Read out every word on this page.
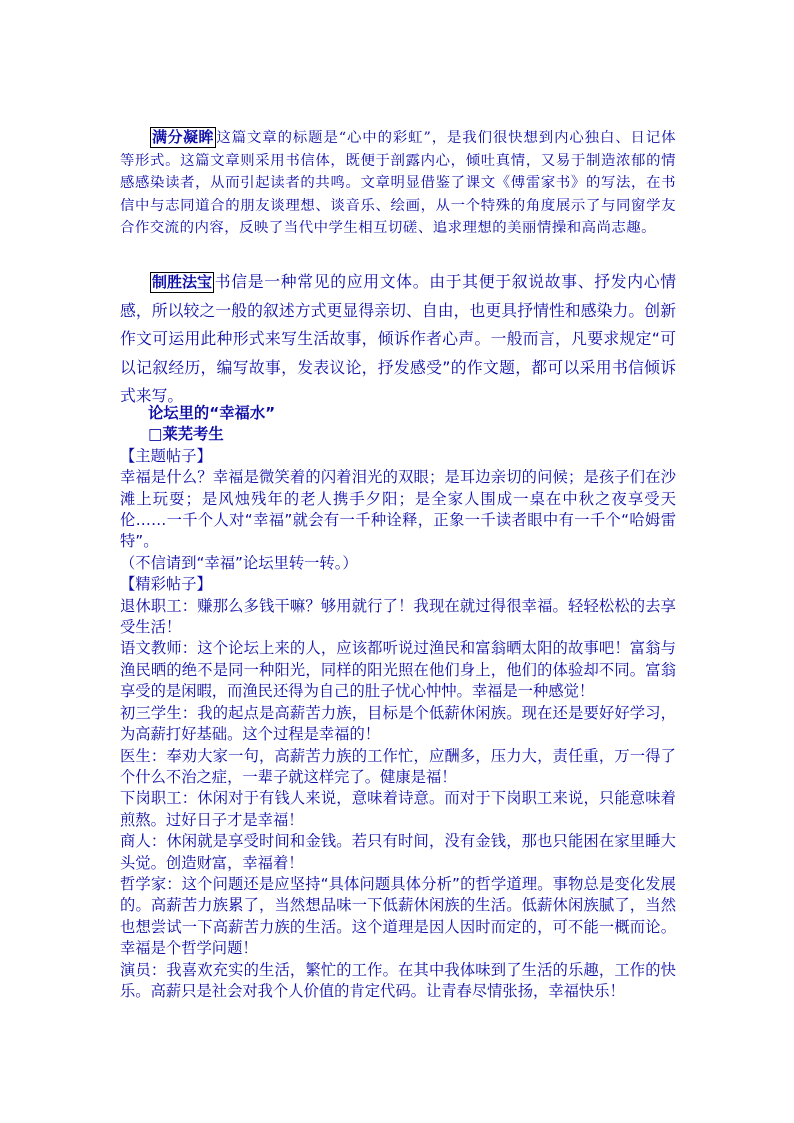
满分凝眸 这篇文章的标题是“心中的彩虹”，是我们很快想到内心独白、日记体等形式。这篇文章则采用书信体，既便于剖露内心，倾吐真情，又易于制造浓郁的情感感染读者，从而引起读者的共鸣。文章明显借鉴了课文《傅雷家书》的写法，在书信中与志同道合的朋友谈理想、谈音乐、绘画，从一个特殊的角度展示了与同窗学友合作交流的内容，反映了当代中学生相互切磋、追求理想的美丽情操和高尚志趣。
制胜法宝 书信是一种常见的应用文体。由于其便于叙说故事、抒发内心情感，所以较之一般的叙述方式更显得亲切、自由，也更具抒情性和感染力。创新作文可运用此种形式来写生活故事，倾诉作者心声。一般而言，凡要求规定“可以记叙经历，编写故事，发表议论，抒发感受”的作文题，都可以采用书信倾诉式来写。
论坛里的“幸福水”
□莱芜考生
【主题帖子】
幸福是什么？幸福是微笑着的闪着泪光的双眼；是耳边亲切的问候；是孩子们在沙滩上玩耍；是风烛残年的老人携手夕阳；是全家人围成一桌在中秋之夜享受天伦……一千个人对“幸福”就会有一千种诠释，正象一千读者眼中有一千个“哈姆雷特”。
（不信请到“幸福”论坛里转一转。）
【精彩帖子】
退休职工：赚那么多钱干嘛？够用就行了！我现在就过得很幸福。轻轻松松的去享受生活！
语文教师：这个论坛上来的人，应该都听说过渔民和富翁晒太阳的故事吧！富翁与渔民晒的绝不是同一种阳光，同样的阳光照在他们身上，他们的体验却不同。富翁享受的是闲暇，而渔民还得为自己的肚子忧心忡忡。幸福是一种感觉！
初三学生：我的起点是高薪苦力族，目标是个低薪休闲族。现在还是要好好学习，为高薪打好基础。这个过程是幸福的！
医生：奉劝大家一句，高薪苦力族的工作忙，应酬多，压力大，责任重，万一得了个什么不治之症，一辈子就这样完了。健康是福！
下岗职工：休闲对于有钱人来说，意味着诗意。而对于下岗职工来说，只能意味着煎熬。过好日子才是幸福！
商人：休闲就是享受时间和金钱。若只有时间，没有金钱，那也只能困在家里睡大头觉。创造财富，幸福着！
哲学家：这个问题还是应坚持“具体问题具体分析”的哲学道理。事物总是变化发展的。高薪苦力族累了，当然想品味一下低薪休闲族的生活。低薪休闲族腻了，当然也想尝试一下高薪苦力族的生活。这个道理是因人因时而定的，可不能一概而论。幸福是个哲学问题！
演员：我喜欢充实的生活，繁忙的工作。在其中我体味到了生活的乐趣，工作的快乐。高薪只是社会对我个人价值的肯定代码。让青春尽情张扬，幸福快乐！
